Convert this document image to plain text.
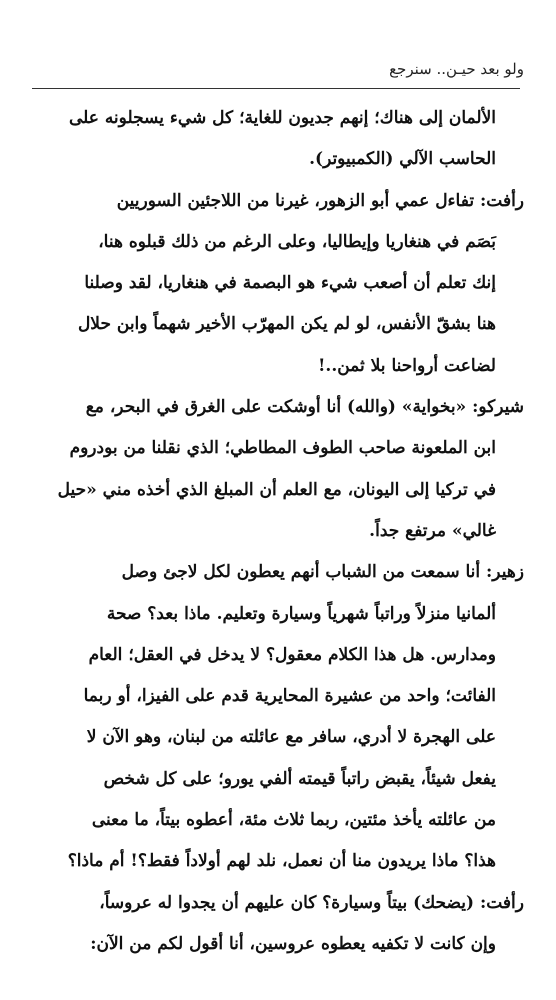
ولو بعد حيـن.. سنرجع
الألمان إلى هناك؛ إنهم جديون للغاية؛ كل شيء يسجلونه على
الحاسب الآلي (الكمبيوتر).
رأفت: تفاءل عمي أبو الزهور، غيرنا من اللاجئين السوريين
بَصَم في هنغاريا وإيطاليا، وعلى الرغم من ذلك قبلوه هنا،
إنك تعلم أن أصعب شيء هو البصمة في هنغاريا، لقد وصلنا
هنا بشقّ الأنفس، لو لم يكن المهرّب الأخير شهماً وابن حلال
لضاعت أرواحنا بلا ثمن..!
شيركو: «بخواية» (والله) أنا أوشكت على الغرق في البحر، مع
ابن الملعونة صاحب الطوف المطاطي؛ الذي نقلنا من بودروم
في تركيا إلى اليونان، مع العلم أن المبلغ الذي أخذه مني «حيل
غالي» مرتفع جداً.
زهير: أنا سمعت من الشباب أنهم يعطون لكل لاجئ وصل
ألمانيا منزلاً وراتباً شهرياً وسيارة وتعليم. ماذا بعد؟ صحة
ومدارس. هل هذا الكلام معقول؟ لا يدخل في العقل؛ العام
الفائت؛ واحد من عشيرة المحايرية قدم على الفيزا، أو ربما
على الهجرة لا أدري، سافر مع عائلته من لبنان، وهو الآن لا
يفعل شيئاً، يقبض راتباً قيمته ألفي يورو؛ على كل شخص
من عائلته يأخذ مئتين، ربما ثلاث مئة، أعطوه بيتاً، ما معنى
هذا؟ ماذا يريدون منا أن نعمل، نلد لهم أولاداً فقط؟! أم ماذا؟
رأفت: (يضحك) بيتاً وسيارة؟ كان عليهم أن يجدوا له عروساً،
وإن كانت لا تكفيه يعطوه عروسين، أنا أقول لكم من الآن:
